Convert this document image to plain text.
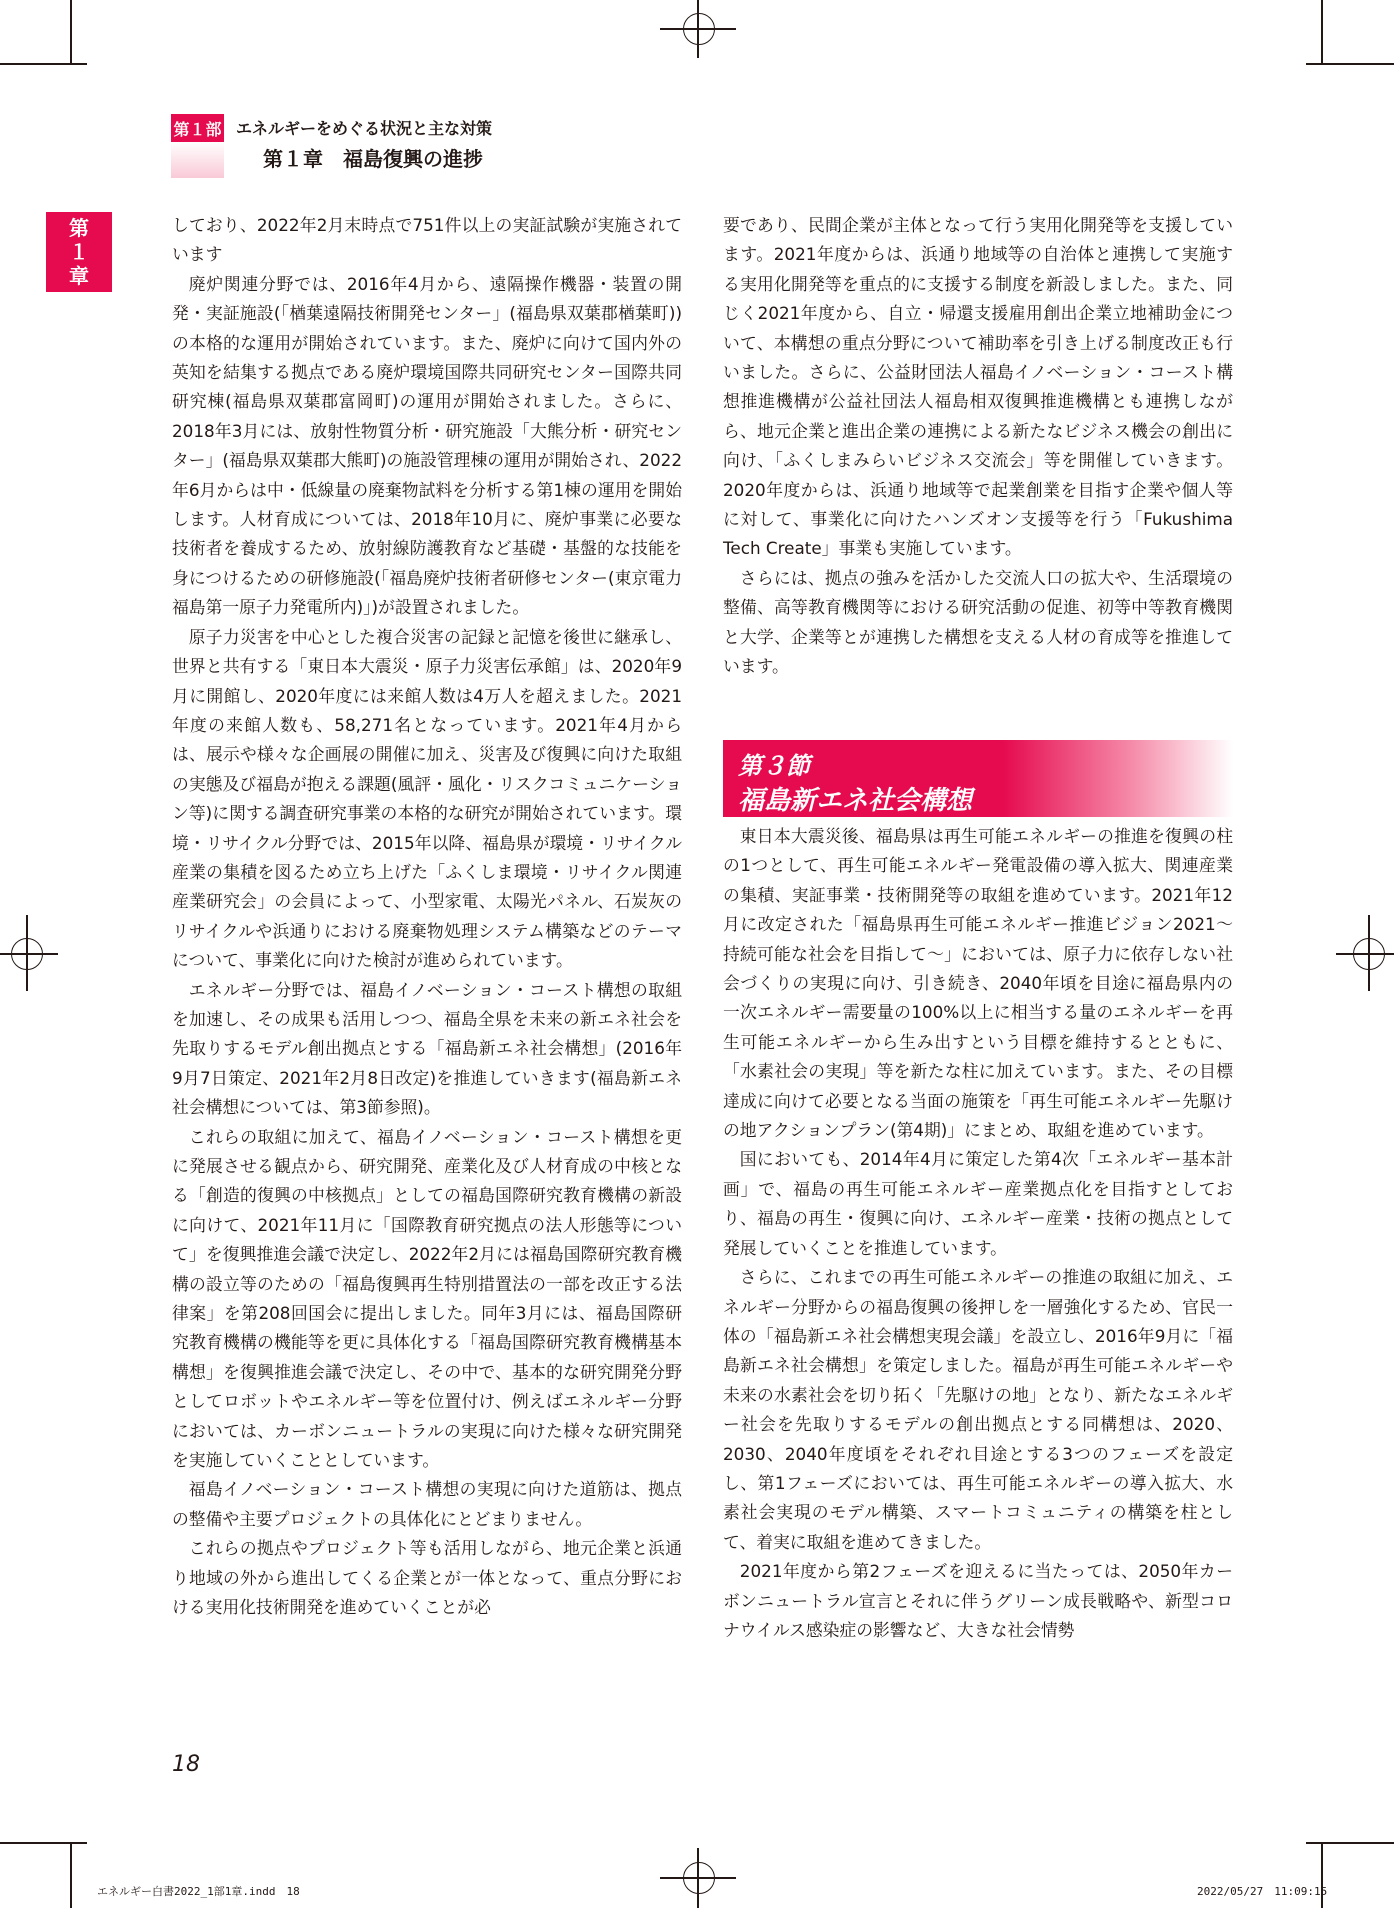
第１部 エネルギーをめぐる状況と主な対策
第１章　福島復興の進捗
第１章

しており、2022年2月末時点で751件以上の実証試験が実施されています

廃炉関連分野では、2016年4月から、遠隔操作機器・装置の開発・実証施設(「楢葉遠隔技術開発センター」(福島県双葉郡楢葉町))の本格的な運用が開始されています。また、廃炉に向けて国内外の英知を結集する拠点である廃炉環境国際共同研究センター国際共同研究棟(福島県双葉郡富岡町)の運用が開始されました。さらに、2018年3月には、放射性物質分析・研究施設「大熊分析・研究センター」(福島県双葉郡大熊町)の施設管理棟の運用が開始され、2022年6月からは中・低線量の廃棄物試料を分析する第1棟の運用を開始します。人材育成については、2018年10月に、廃炉事業に必要な技術者を養成するため、放射線防護教育など基礎・基盤的な技能を身につけるための研修施設(「福島廃炉技術者研修センター(東京電力福島第一原子力発電所内)」)が設置されました。

原子力災害を中心とした複合災害の記録と記憶を後世に継承し、世界と共有する「東日本大震災・原子力災害伝承館」は、2020年9月に開館し、2020年度には来館人数は4万人を超えました。2021年度の来館人数も、58,271名となっています。2021年4月からは、展示や様々な企画展の開催に加え、災害及び復興に向けた取組の実態及び福島が抱える課題(風評・風化・リスクコミュニケーション等)に関する調査研究事業の本格的な研究が開始されています。環境・リサイクル分野では、2015年以降、福島県が環境・リサイクル産業の集積を図るため立ち上げた「ふくしま環境・リサイクル関連産業研究会」の会員によって、小型家電、太陽光パネル、石炭灰のリサイクルや浜通りにおける廃棄物処理システム構築などのテーマについて、事業化に向けた検討が進められています。

エネルギー分野では、福島イノベーション・コースト構想の取組を加速し、その成果も活用しつつ、福島全県を未来の新エネ社会を先取りするモデル創出拠点とする「福島新エネ社会構想」(2016年9月7日策定、2021年2月8日改定)を推進していきます(福島新エネ社会構想については、第3節参照)。

これらの取組に加えて、福島イノベーション・コースト構想を更に発展させる観点から、研究開発、産業化及び人材育成の中核となる「創造的復興の中核拠点」としての福島国際研究教育機構の新設に向けて、2021年11月に「国際教育研究拠点の法人形態等について」を復興推進会議で決定し、2022年2月には福島国際研究教育機構の設立等のための「福島復興再生特別措置法の一部を改正する法律案」を第208回国会に提出しました。同年3月には、福島国際研究教育機構の機能等を更に具体化する「福島国際研究教育機構基本構想」を復興推進会議で決定し、その中で、基本的な研究開発分野としてロボットやエネルギー等を位置付け、例えばエネルギー分野においては、カーボンニュートラルの実現に向けた様々な研究開発を実施していくこととしています。

福島イノベーション・コースト構想の実現に向けた道筋は、拠点の整備や主要プロジェクトの具体化にとどまりません。

これらの拠点やプロジェクト等も活用しながら、地元企業と浜通り地域の外から進出してくる企業とが一体となって、重点分野における実用化技術開発を進めていくことが必

要であり、民間企業が主体となって行う実用化開発等を支援しています。2021年度からは、浜通り地域等の自治体と連携して実施する実用化開発等を重点的に支援する制度を新設しました。また、同じく2021年度から、自立・帰還支援雇用創出企業立地補助金について、本構想の重点分野について補助率を引き上げる制度改正も行いました。さらに、公益財団法人福島イノベーション・コースト構想推進機構が公益社団法人福島相双復興推進機構とも連携しながら、地元企業と進出企業の連携による新たなビジネス機会の創出に向け、「ふくしまみらいビジネス交流会」等を開催していきます。2020年度からは、浜通り地域等で起業創業を目指す企業や個人等に対して、事業化に向けたハンズオン支援等を行う「Fukushima Tech Create」事業も実施しています。

さらには、拠点の強みを活かした交流人口の拡大や、生活環境の整備、高等教育機関等における研究活動の促進、初等中等教育機関と大学、企業等とが連携した構想を支える人材の育成等を推進しています。

第３節
福島新エネ社会構想

東日本大震災後、福島県は再生可能エネルギーの推進を復興の柱の1つとして、再生可能エネルギー発電設備の導入拡大、関連産業の集積、実証事業・技術開発等の取組を進めています。2021年12月に改定された「福島県再生可能エネルギー推進ビジョン2021～持続可能な社会を目指して～」においては、原子力に依存しない社会づくりの実現に向け、引き続き、2040年頃を目途に福島県内の一次エネルギー需要量の100%以上に相当する量のエネルギーを再生可能エネルギーから生み出すという目標を維持するとともに、「水素社会の実現」等を新たな柱に加えています。また、その目標達成に向けて必要となる当面の施策を「再生可能エネルギー先駆けの地アクションプラン(第4期)」にまとめ、取組を進めています。

国においても、2014年4月に策定した第4次「エネルギー基本計画」で、福島の再生可能エネルギー産業拠点化を目指すとしており、福島の再生・復興に向け、エネルギー産業・技術の拠点として発展していくことを推進しています。

さらに、これまでの再生可能エネルギーの推進の取組に加え、エネルギー分野からの福島復興の後押しを一層強化するため、官民一体の「福島新エネ社会構想実現会議」を設立し、2016年9月に「福島新エネ社会構想」を策定しました。福島が再生可能エネルギーや未来の水素社会を切り拓く「先駆けの地」となり、新たなエネルギー社会を先取りするモデルの創出拠点とする同構想は、2020、2030、2040年度頃をそれぞれ目途とする3つのフェーズを設定し、第1フェーズにおいては、再生可能エネルギーの導入拡大、水素社会実現のモデル構築、スマートコミュニティの構築を柱として、着実に取組を進めてきました。

2021年度から第2フェーズを迎えるに当たっては、2050年カーボンニュートラル宣言とそれに伴うグリーン成長戦略や、新型コロナウイルス感染症の影響など、大きな社会情勢

18
エネルギー白書2022_1部1章.indd　18	2022/05/27　11:09:15
